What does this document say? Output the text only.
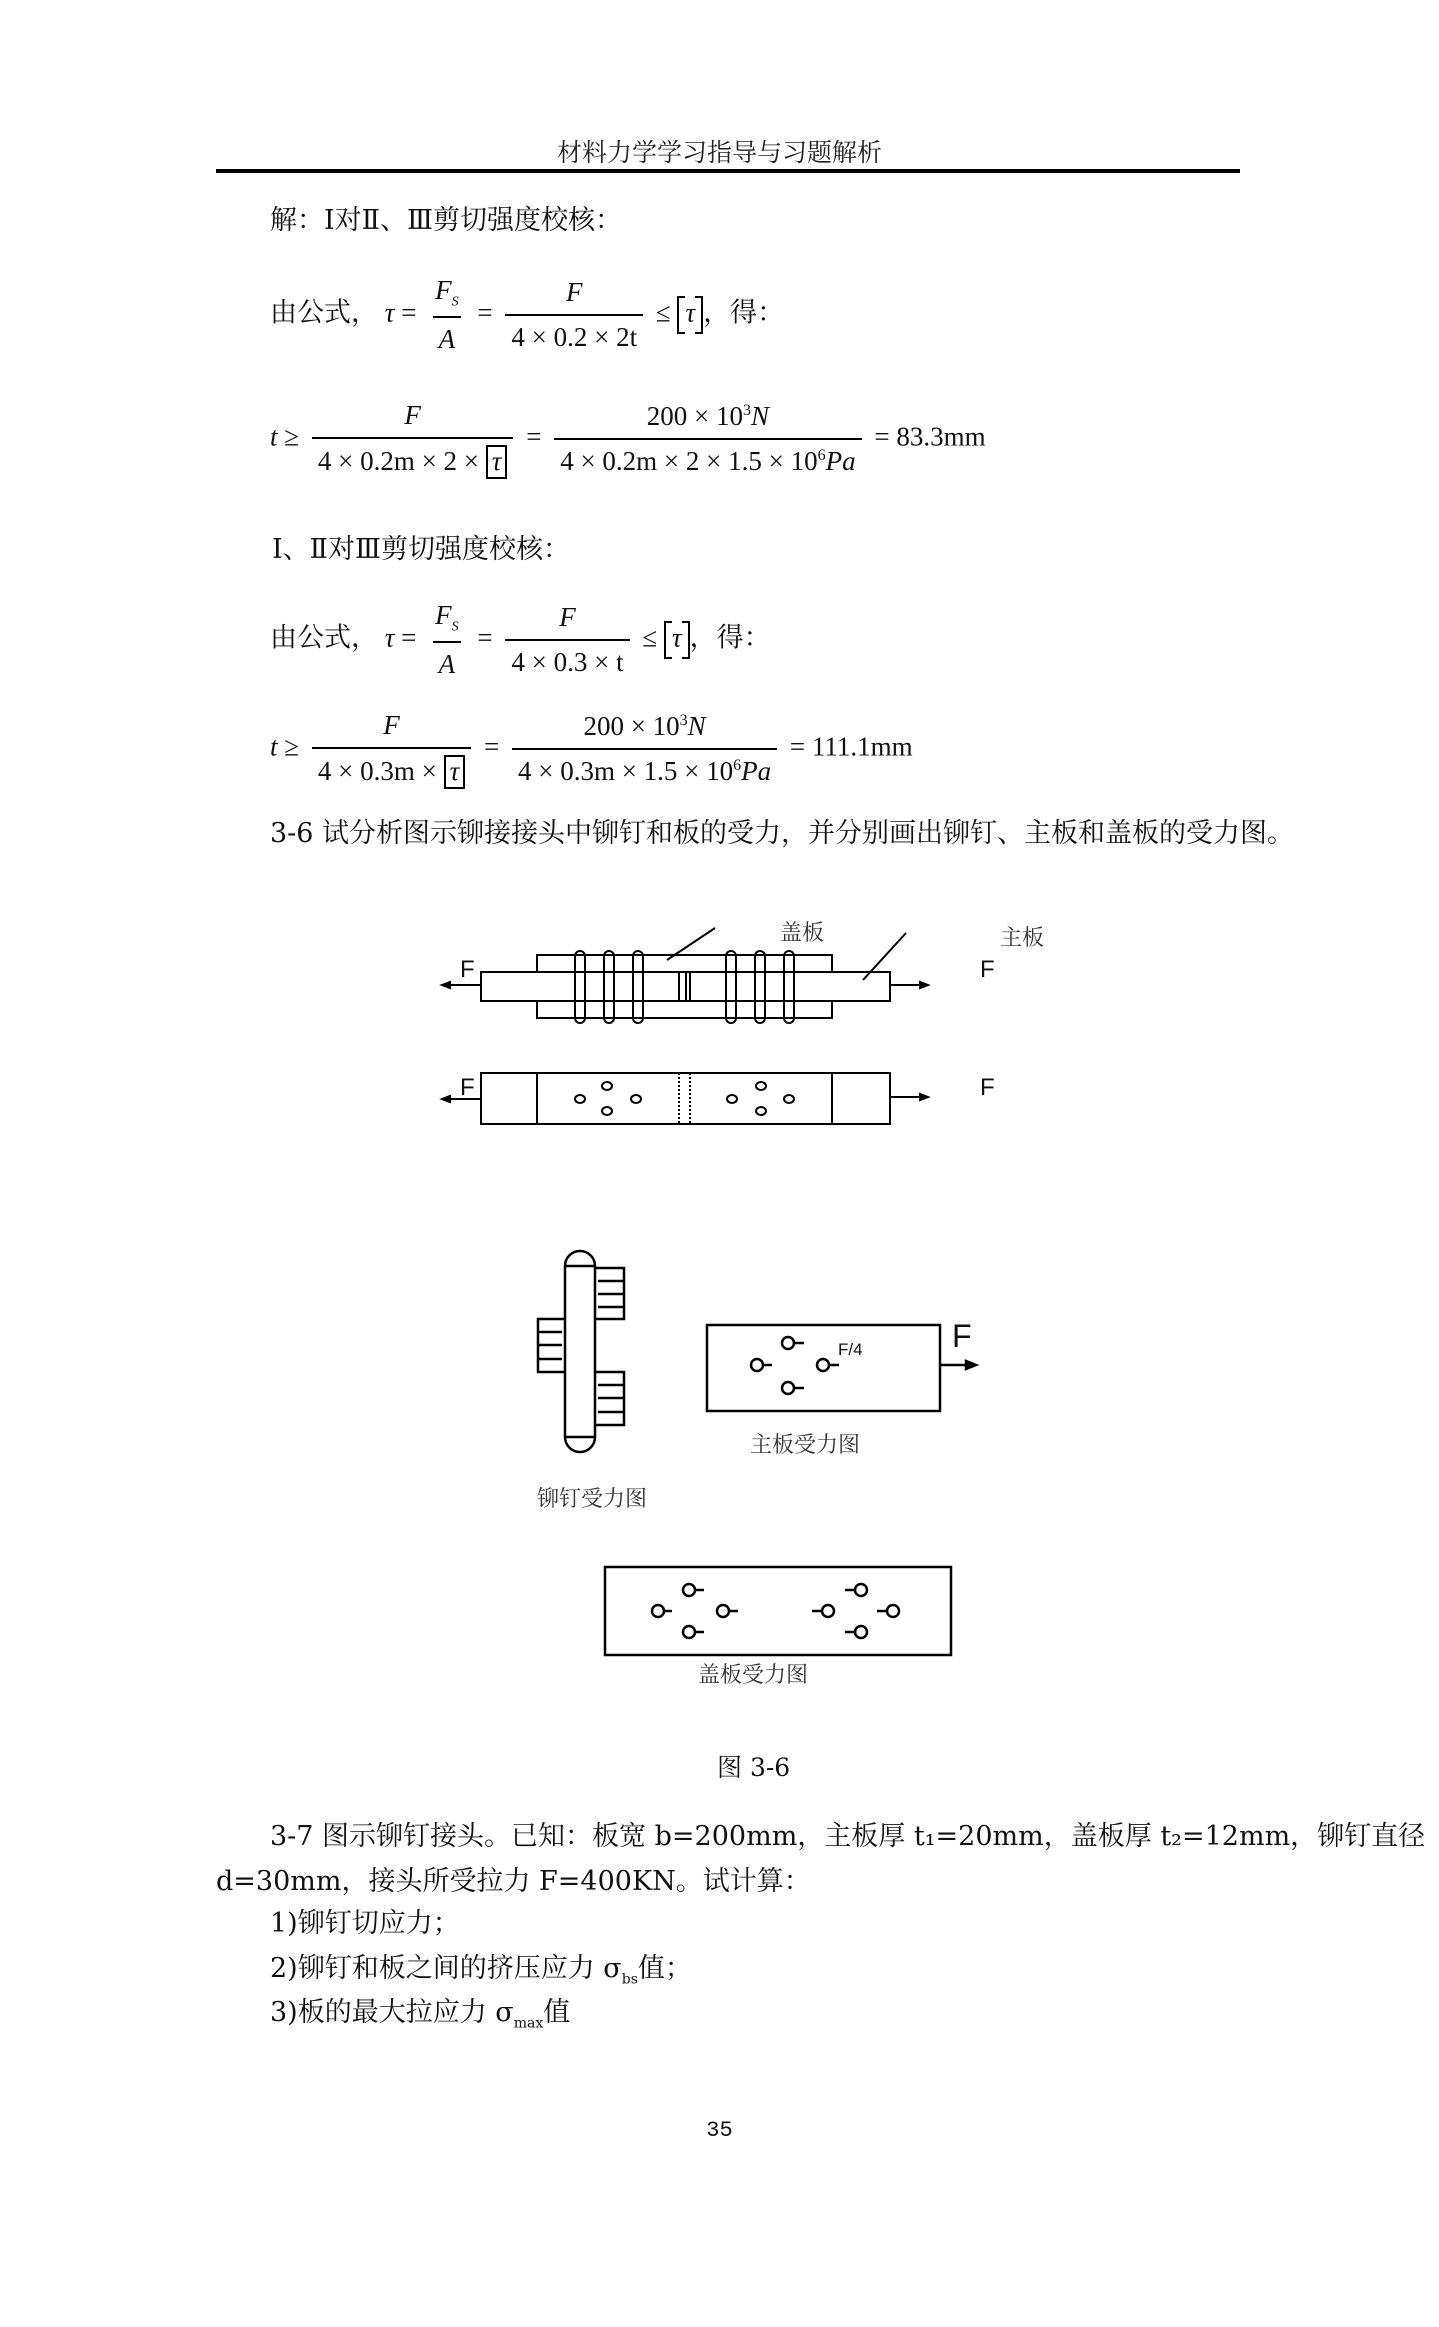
材料力学学习指导与习题解析
解：Ⅰ对Ⅱ、Ⅲ剪切强度校核：
由公式， $\tau = \frac{F_S}{A} = \frac{F}{4 \times 0.2 \times 2t} \le \tau$ ，得：
$t \ge \frac{F}{4 \times 0.2m \times 2 \times \tau} = \frac{200 \times 10^3N}{4 \times 0.2m \times 2 \times 1.5 \times 10^6Pa} = 83.3mm$
Ⅰ、Ⅱ对Ⅲ剪切强度校核：
由公式， $\tau = \frac{F_S}{A} = \frac{F}{4 \times 0.3 \times t} \le \tau$ ，得：
$t \ge \frac{F}{4 \times 0.3m \times \tau} = \frac{200 \times 10^3N}{4 \times 0.3m \times 1.5 \times 10^6Pa} = 111.1mm$
3-6 试分析图示铆接接头中铆钉和板的受力，并分别画出铆钉、主板和盖板的受力图。
盖板	主板
F	F
F	F
铆钉受力图
F/4	F
主板受力图
盖板受力图
图 3-6
3-7 图示铆钉接头。已知：板宽 b=200mm，主板厚 t₁=20mm，盖板厚 t₂=12mm，铆钉直径
d=30mm，接头所受拉力 F=400KN。试计算：
1)铆钉切应力；
2)铆钉和板之间的挤压应力 $\sigma_{bs}$值；
3)板的最大拉应力 $\sigma_{max}$值
35
